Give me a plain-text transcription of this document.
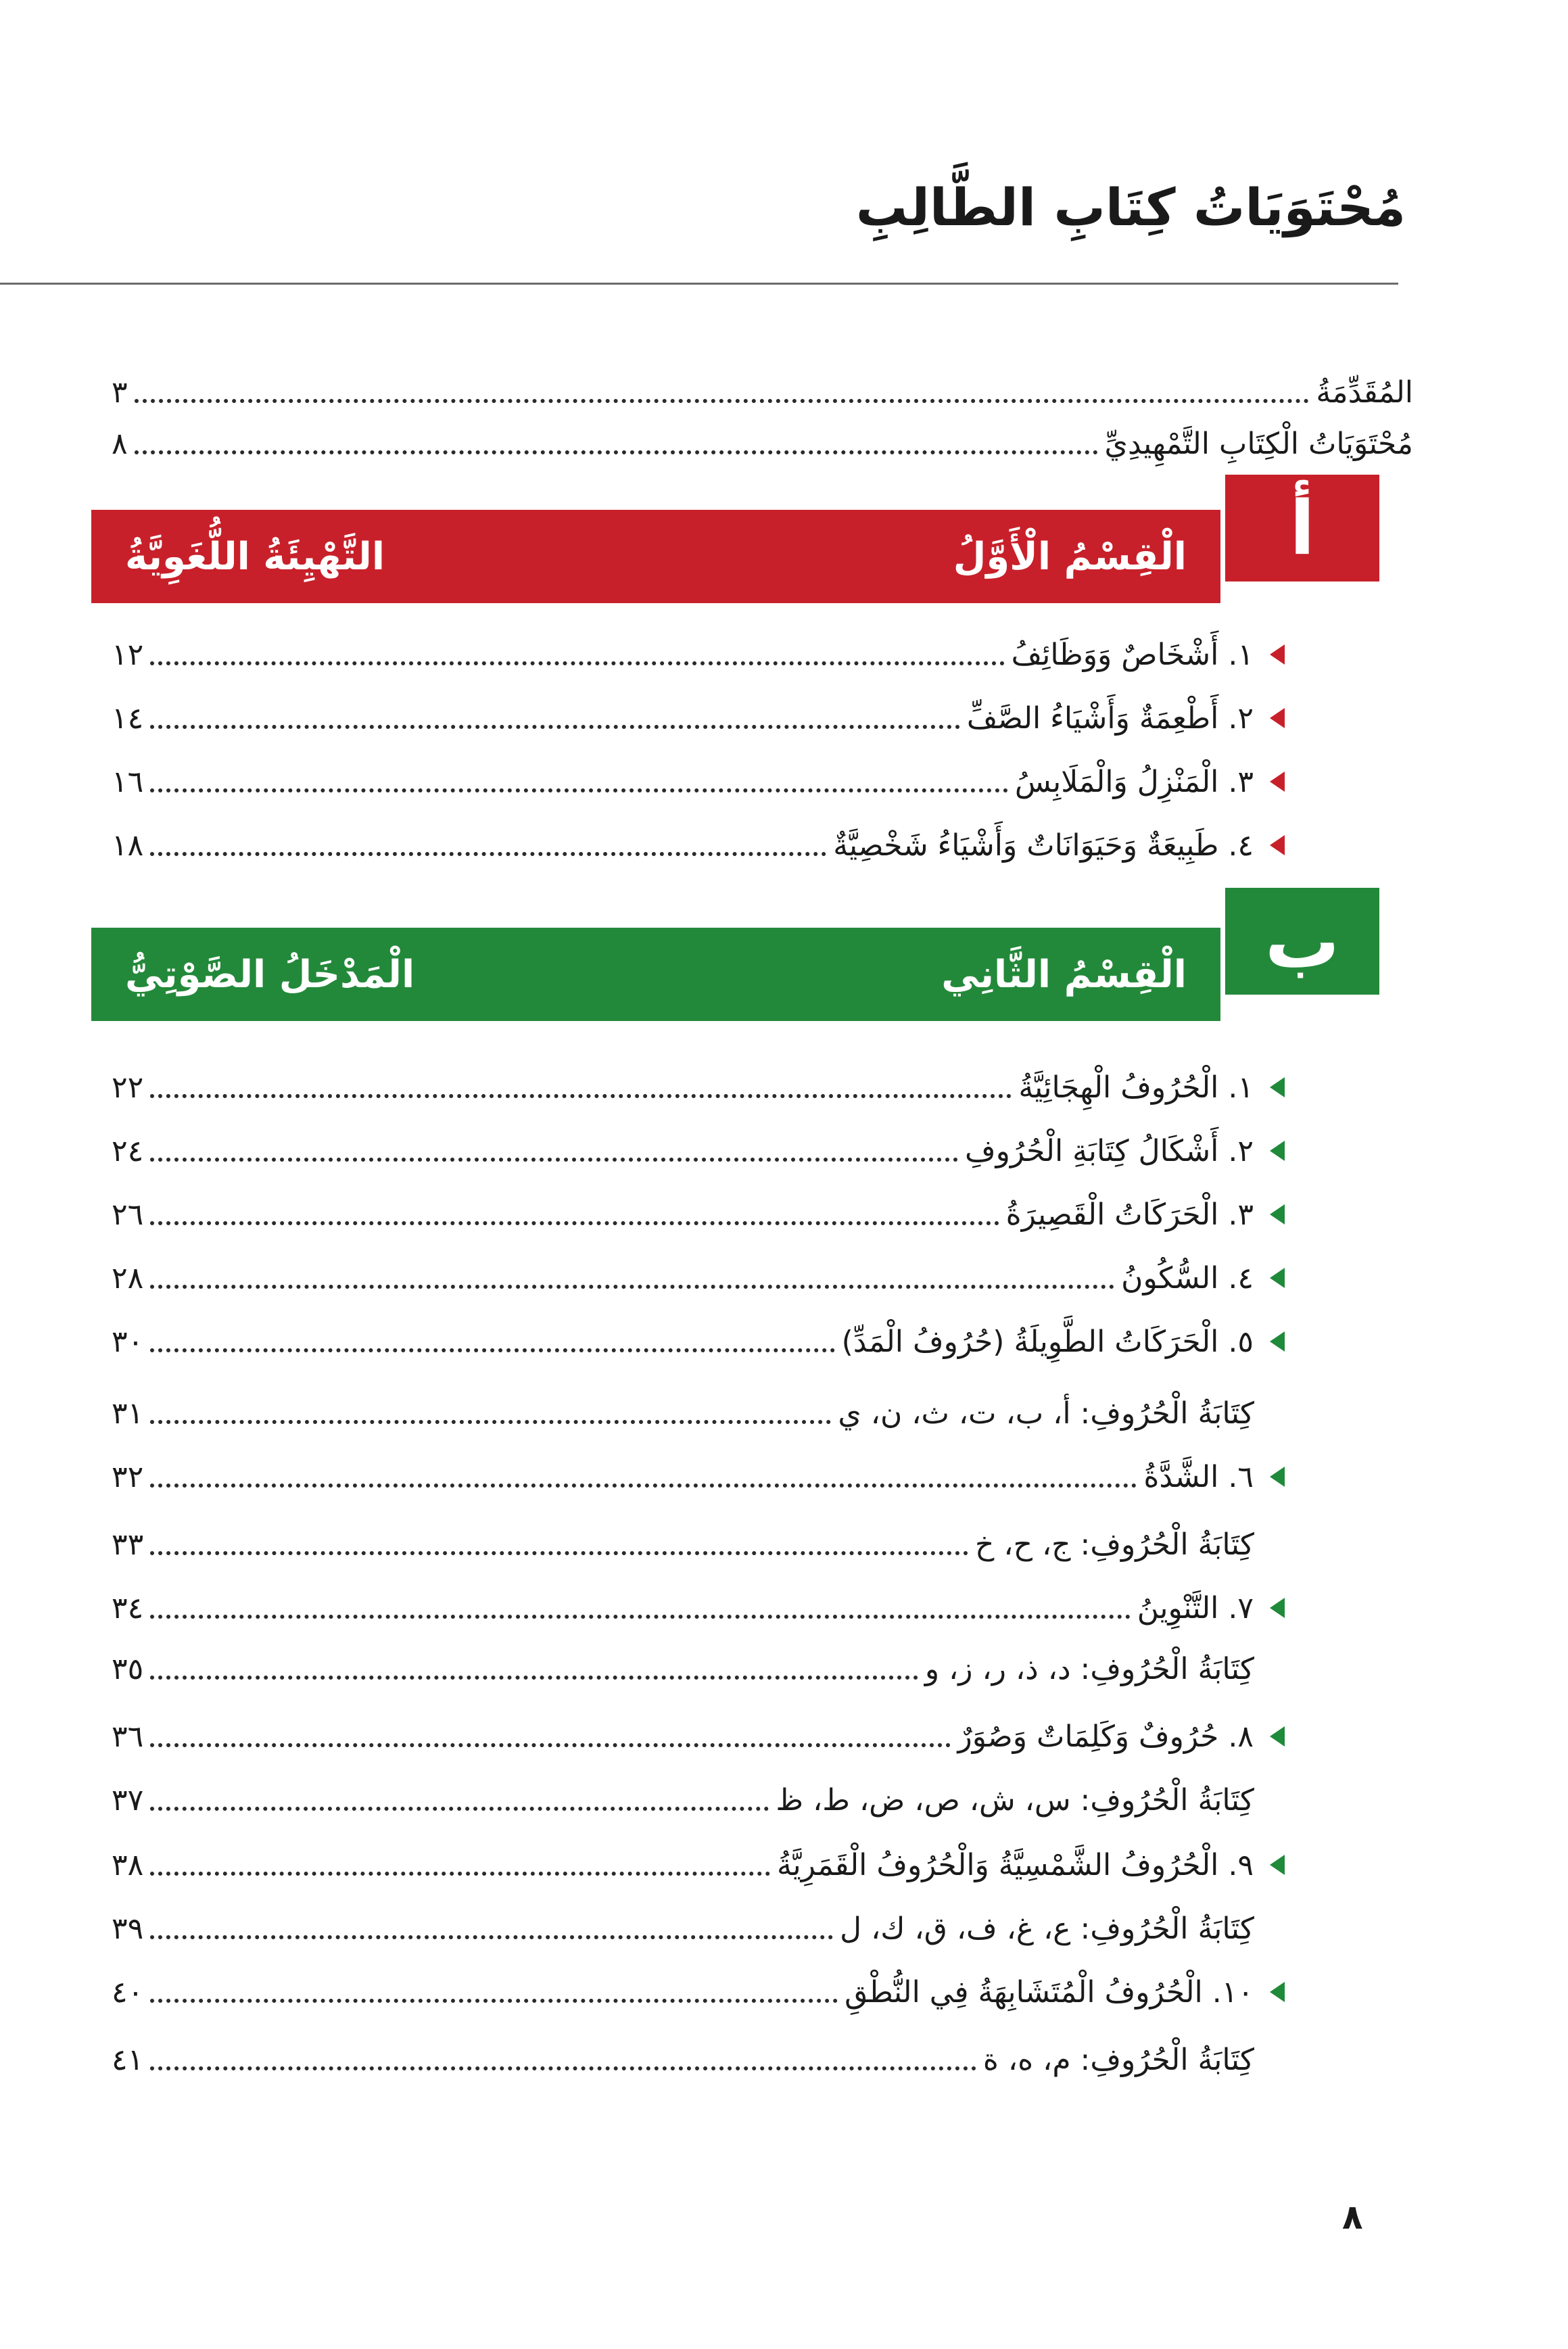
مُحْتَوَيَاتُ كِتَابِ الطَّالِبِ
المُقَدِّمَةُ
٣
مُحْتَوَيَاتُ الْكِتَابِ التَّمْهِيدِيِّ
٨
أ
الْقِسْمُ الْأَوَّلُ
التَّهْيِئَةُ اللُّغَوِيَّةُ
١. أَشْخَاصٌ وَوَظَائِفُ
١٢
٢. أَطْعِمَةٌ وَأَشْيَاءُ الصَّفِّ
١٤
٣. الْمَنْزِلُ وَالْمَلَابِسُ
١٦
٤. طَبِيعَةٌ وَحَيَوَانَاتٌ وَأَشْيَاءُ شَخْصِيَّةٌ
١٨
ب
الْقِسْمُ الثَّانِي
الْمَدْخَلُ الصَّوْتِيُّ
١. الْحُرُوفُ الْهِجَائِيَّةُ
٢٢
٢. أَشْكَالُ كِتَابَةِ الْحُرُوفِ
٢٤
٣. الْحَرَكَاتُ الْقَصِيرَةُ
٢٦
٤. السُّكُونُ
٢٨
٥. الْحَرَكَاتُ الطَّوِيلَةُ (حُرُوفُ الْمَدِّ)
٣٠
كِتَابَةُ الْحُرُوفِ: أ، ب، ت، ث، ن، ي
٣١
٦. الشَّدَّةُ
٣٢
كِتَابَةُ الْحُرُوفِ: ج، ح، خ
٣٣
٧. التَّنْوِينُ
٣٤
كِتَابَةُ الْحُرُوفِ: د، ذ، ر، ز، و
٣٥
٨. حُرُوفٌ وَكَلِمَاتٌ وَصُوَرٌ
٣٦
كِتَابَةُ الْحُرُوفِ: س، ش، ص، ض، ط، ظ
٣٧
٩. الْحُرُوفُ الشَّمْسِيَّةُ وَالْحُرُوفُ الْقَمَرِيَّةُ
٣٨
كِتَابَةُ الْحُرُوفِ: ع، غ، ف، ق، ك، ل
٣٩
١٠. الْحُرُوفُ الْمُتَشَابِهَةُ فِي النُّطْقِ
٤٠
كِتَابَةُ الْحُرُوفِ: م، ه، ة
٤١
٨
